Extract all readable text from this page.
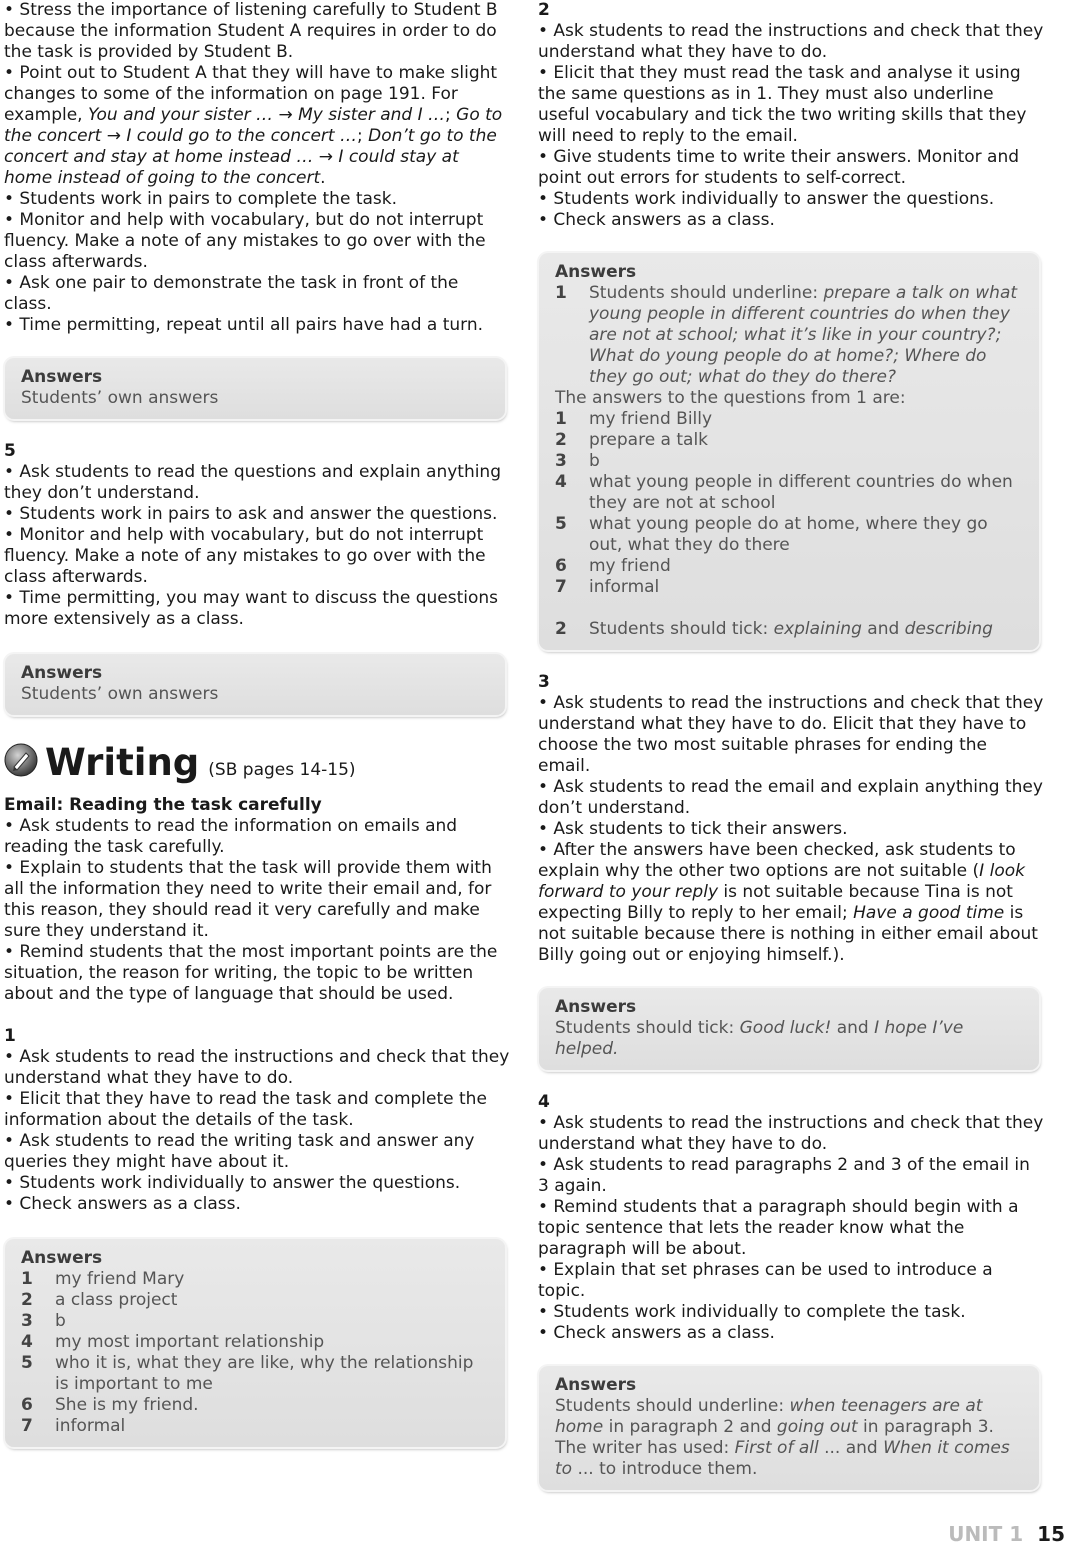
• Stress the importance of listening carefully to Student B because the information Student A requires in order to do the task is provided by Student B.

• Point out to Student A that they will have to make slight changes to some of the information on page 191. For example, You and your sister … → My sister and I …; Go to the concert → I could go to the concert …; Don’t go to the concert and stay at home instead … → I could stay at home instead of going to the concert.

• Students work in pairs to complete the task.

• Monitor and help with vocabulary, but do not interrupt fluency. Make a note of any mistakes to go over with the class afterwards.

• Ask one pair to demonstrate the task in front of the class.

• Time permitting, repeat until all pairs have had a turn.

Answers
Students’ own answers
5

• Ask students to read the questions and explain anything they don’t understand.

• Students work in pairs to ask and answer the questions.

• Monitor and help with vocabulary, but do not interrupt fluency. Make a note of any mistakes to go over with the class afterwards.

• Time permitting, you may want to discuss the questions more extensively as a class.

Answers
Students’ own answers
Writing (SB pages 14-15)
Email: Reading the task carefully

• Ask students to read the information on emails and reading the task carefully.

• Explain to students that the task will provide them with all the information they need to write their email and, for this reason, they should read it very carefully and make sure they understand it.

• Remind students that the most important points are the situation, the reason for writing, the topic to be written about and the type of language that should be used.

1

• Ask students to read the instructions and check that they understand what they have to do.

• Elicit that they have to read the task and complete the information about the details of the task.

• Ask students to read the writing task and answer any queries they might have about it.

• Students work individually to answer the questions.

• Check answers as a class.

Answers
1	my friend Mary
2	a class project
3	b
4	my most important relationship
5	who it is, what they are like, why the relationship is important to me
6	She is my friend.
7	informal
2

• Ask students to read the instructions and check that they understand what they have to do.

• Elicit that they must read the task and analyse it using the same questions as in 1. They must also underline useful vocabulary and tick the two writing skills that they will need to reply to the email.

• Give students time to write their answers. Monitor and point out errors for students to self-correct.

• Students work individually to answer the questions.

• Check answers as a class.

Answers
1	Students should underline: prepare a talk on what young people in different countries do when they are not at school; what it’s like in your country?; What do young people do at home?; Where do they go out; what do they do there?
The answers to the questions from 1 are:
1	my friend Billy
2	prepare a talk
3	b
4	what young people in different countries do when they are not at school
5	what young people do at home, where they go out, what they do there
6	my friend
7	informal
2	Students should tick: explaining and describing
3

• Ask students to read the instructions and check that they understand what they have to do. Elicit that they have to choose the two most suitable phrases for ending the email.

• Ask students to read the email and explain anything they don’t understand.

• Ask students to tick their answers.

• After the answers have been checked, ask students to explain why the other two options are not suitable (I look forward to your reply is not suitable because Tina is not expecting Billy to reply to her email; Have a good time is not suitable because there is nothing in either email about Billy going out or enjoying himself.).

Answers
Students should tick: Good luck! and I hope I’ve helped.
4

• Ask students to read the instructions and check that they understand what they have to do.

• Ask students to read paragraphs 2 and 3 of the email in 3 again.

• Remind students that a paragraph should begin with a topic sentence that lets the reader know what the paragraph will be about.

• Explain that set phrases can be used to introduce a topic.

• Students work individually to complete the task.

• Check answers as a class.

Answers
Students should underline: when teenagers are at home in paragraph 2 and going out in paragraph 3. The writer has used: First of all ... and When it comes to ... to introduce them.
UNIT 1 15
